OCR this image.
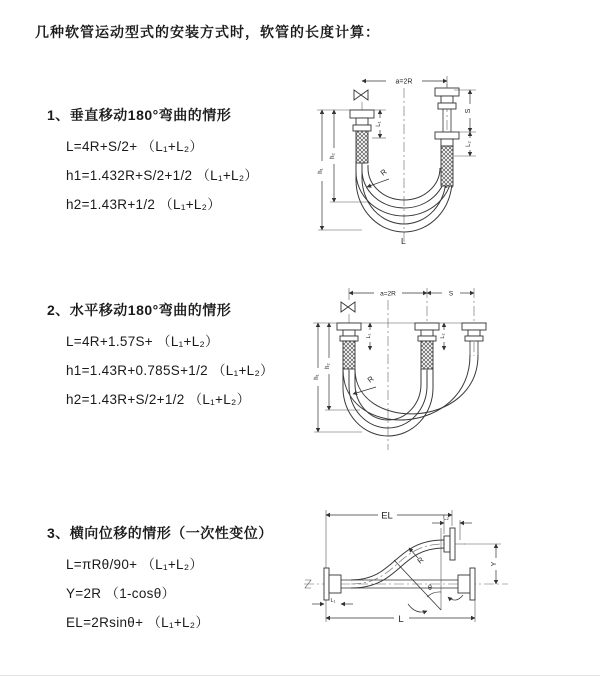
几种软管运动型式的安装方式时，软管的长度计算：
1、垂直移动180°弯曲的情形
L=4R+S/2+ （L₁+L₂）
h1=1.432R+S/2+1/2 （L₁+L₂）
h2=1.43R+1/2 （L₁+L₂）
2、水平移动180°弯曲的情形
L=4R+1.57S+ （L₁+L₂）
h1=1.43R+0.785S+1/2 （L₁+L₂）
h2=1.43R+S/2+1/2 （L₁+L₂）
3、横向位移的情形（一次性变位）
L=πRθ/90+ （L₁+L₂）
Y=2R （1-cosθ）
EL=2Rsinθ+ （L₁+L₂）
a=2R
L₁
S
L₂
h₁
h₂
R
L
a=2R	S
L₁	L₂
h₁
h₂
R
EL	L₂
Y
θ
R
L
L₁
